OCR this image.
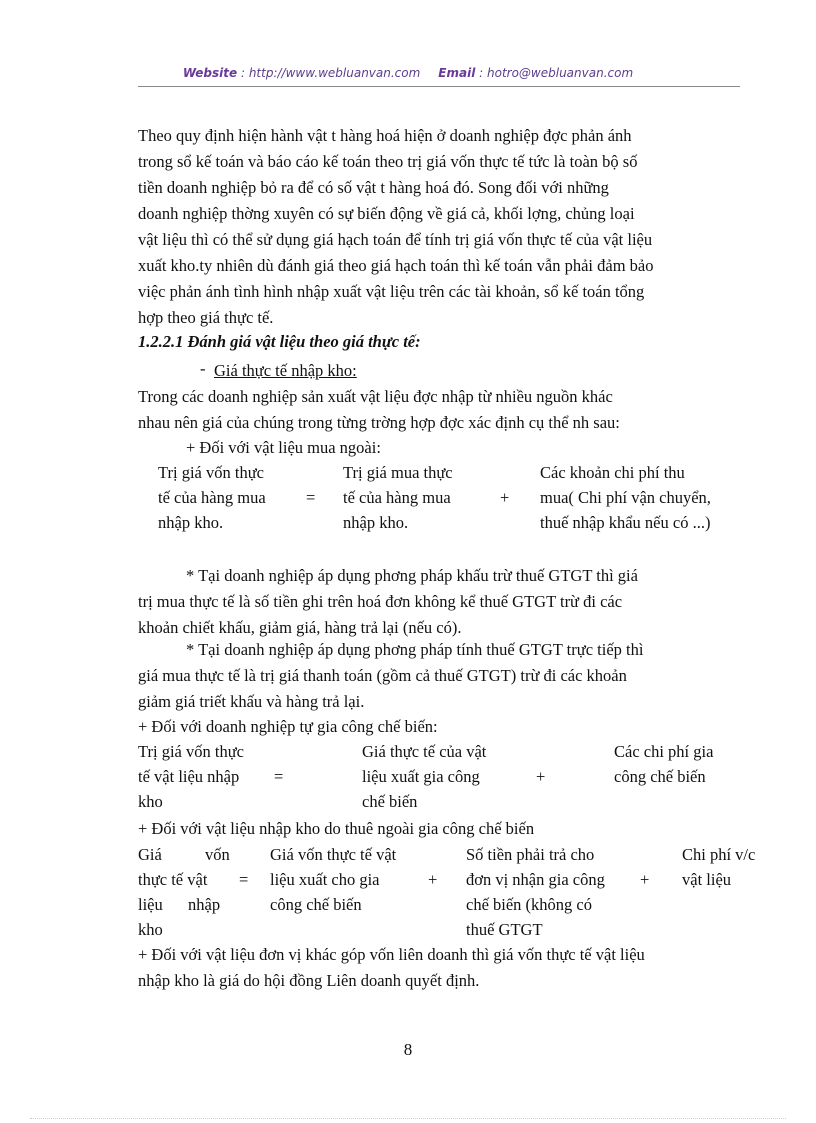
Website : http://www.webluanvan.com Email : hotro@webluanvan.com
Theo quy định hiện hành vật t hàng hoá hiện ở doanh nghiệp đợc phản ánh
trong sổ kế toán và báo cáo kế toán theo trị giá vốn thực tế tức là toàn bộ số
tiền doanh nghiệp bỏ ra để có số vật t hàng hoá đó. Song đối với những
doanh nghiệp thờng xuyên có sự biến động về giá cả, khối lợng, chủng loại
vật liệu thì có thể sử dụng giá hạch toán để tính trị giá vốn thực tế của vật liệu
xuất kho.ty nhiên dù đánh giá theo giá hạch toán thì kế toán vẫn phải đảm bảo
việc phản ánh tình hình nhập xuất vật liệu trên các tài khoản, sổ kế toán tổng
hợp theo giá thực tế.
1.2.2.1 Đánh giá vật liệu theo giá thực tế:
- Giá thực tế nhập kho:
Trong các doanh nghiệp sản xuất vật liệu đợc nhập từ nhiều nguồn khác
nhau nên giá của chúng trong từng trờng hợp đợc xác định cụ thể nh sau:
+ Đối với vật liệu mua ngoài:
Trị giá vốn thực
tế của hàng mua
nhập kho.
=
Trị giá mua thực
tế của hàng mua
nhập kho.
+
Các khoản chi phí thu
mua( Chi phí vận chuyển,
thuế nhập khẩu nếu có ...)
* Tại doanh nghiệp áp dụng phơng pháp khấu trừ thuế GTGT thì giá
trị mua thực tế là số tiền ghi trên hoá đơn không kể thuế GTGT trừ đi các
khoản chiết khấu, giảm giá, hàng trả lại (nếu có).
* Tại doanh nghiệp áp dụng phơng pháp tính thuế GTGT trực tiếp thì
giá mua thực tế là trị giá thanh toán (gồm cả thuế GTGT) trừ đi các khoản
giảm giá triết khấu và hàng trả lại.
+ Đối với doanh nghiệp tự gia công chế biến:
Trị giá vốn thực
tế vật liệu nhập
kho
=
Giá thực tế của vật
liệu xuất gia công
chế biến
+
Các chi phí gia
công chế biến
+ Đối với vật liệu nhập kho do thuê ngoài gia công chế biến
Giá	vốn
thực tế vật
liệu nhập
kho
=
Giá vốn thực tế vật
liệu xuất cho gia
công chế biến
+
Số tiền phải trả cho
đơn vị nhận gia công
chế biến (không có
thuế GTGT
+
Chi phí v/c
vật liệu
+ Đối với vật liệu đơn vị khác góp vốn liên doanh thì giá vốn thực tế vật liệu
nhập kho là giá do hội đồng Liên doanh quyết định.
8
